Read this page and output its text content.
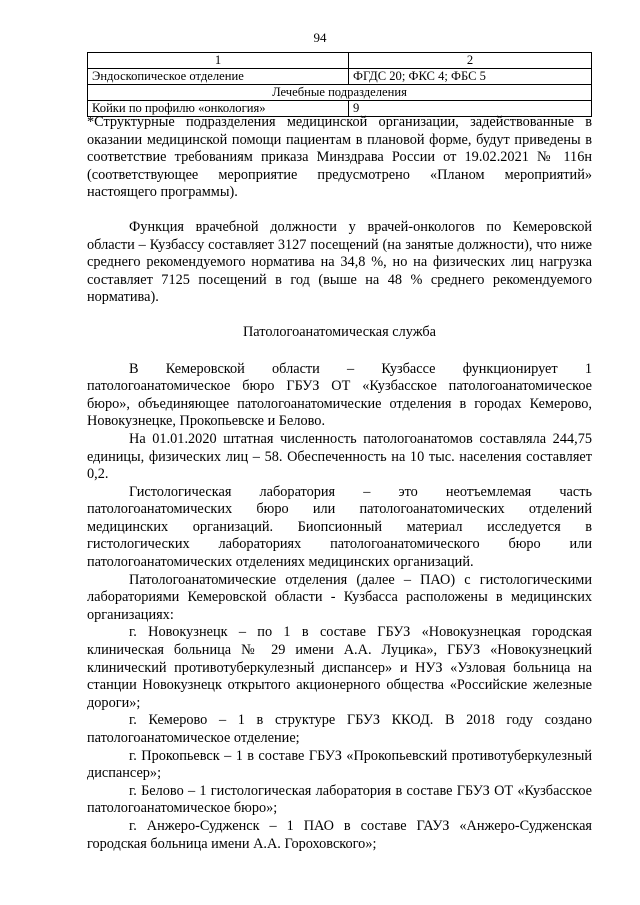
94
1	2
Эндоскопическое отделение	ФГДС 20; ФКС 4; ФБС 5
Лечебные подразделения	
Койки по профилю «онкология»	9

*Структурные подразделения медицинской организации, задействованные в оказании медицинской помощи пациентам в плановой форме, будут приведены в соответствие требованиям приказа Минздрава России от 19.02.2021 № 116н (соответствующее мероприятие предусмотрено «Планом мероприятий» настоящего программы).

Функция врачебной должности у врачей-онкологов по Кемеровской области – Кузбассу составляет 3127 посещений (на занятые должности), что ниже среднего рекомендуемого норматива на 34,8 %, но на физических лиц нагрузка составляет 7125 посещений в год (выше на 48 % среднего рекомендуемого норматива).

Патологоанатомическая служба

В Кемеровской области – Кузбассе функционирует 1 патологоанатомическое бюро ГБУЗ ОТ «Кузбасское патологоанатомическое бюро», объединяющее патологоанатомические отделения в городах Кемерово, Новокузнецке, Прокопьевске и Белово.

На 01.01.2020 штатная численность патологоанатомов составляла 244,75 единицы, физических лиц – 58. Обеспеченность на 10 тыс. населения составляет 0,2.

Гистологическая лаборатория – это неотъемлемая часть патологоанатомических бюро или патологоанатомических отделений медицинских организаций. Биопсионный материал исследуется в гистологических лабораториях патологоанатомического бюро или патологоанатомических отделениях медицинских организаций.

Патологоанатомические отделения (далее – ПАО) с гистологическими лабораториями Кемеровской области - Кузбасса расположены в медицинских организациях:

г. Новокузнецк – по 1 в составе ГБУЗ «Новокузнецкая городская клиническая больница № 29 имени А.А. Луцика», ГБУЗ «Новокузнецкий клинический противотуберкулезный диспансер» и НУЗ «Узловая больница на станции Новокузнецк открытого акционерного общества «Российские железные дороги»;

г. Кемерово – 1 в структуре ГБУЗ ККОД. В 2018 году создано патологоанатомическое отделение;

г. Прокопьевск – 1 в составе ГБУЗ «Прокопьевский противотуберкулезный диспансер»;

г. Белово – 1 гистологическая лаборатория в составе ГБУЗ ОТ «Кузбасское патологоанатомическое бюро»;

г. Анжеро-Судженск – 1 ПАО в составе ГАУЗ «Анжеро-Судженская городская больница имени А.А. Гороховского»;
